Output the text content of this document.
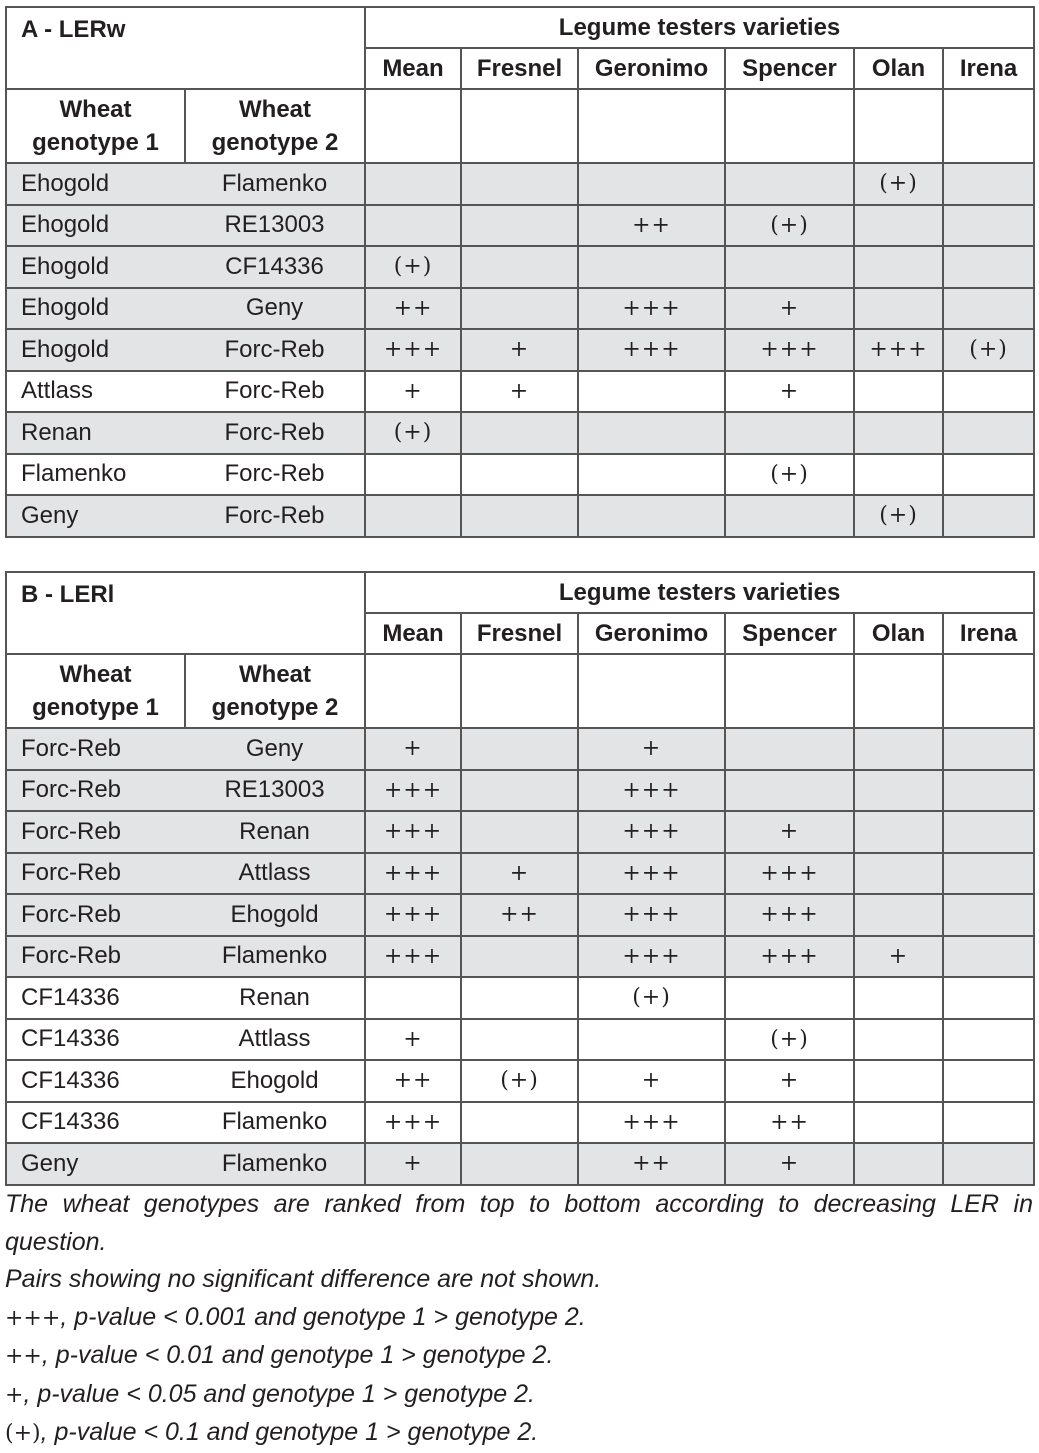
A - LERw		Legume testers varieties					
		Mean	Fresnel	Geronimo	Spencer	Olan	Irena
Wheat genotype 1	Wheat genotype 2						
Ehogold	Flamenko					(+)	
Ehogold	RE13003			++	(+)		
Ehogold	CF14336	(+)					
Ehogold	Geny	++		+++	+		
Ehogold	Forc-Reb	+++	+	+++	+++	+++	(+)
Attlass	Forc-Reb	+	+		+		
Renan	Forc-Reb	(+)					
Flamenko	Forc-Reb				(+)		
Geny	Forc-Reb					(+)	
B - LERl		Legume testers varieties					
		Mean	Fresnel	Geronimo	Spencer	Olan	Irena
Wheat genotype 1	Wheat genotype 2						
Forc-Reb	Geny	+		+			
Forc-Reb	RE13003	+++		+++			
Forc-Reb	Renan	+++		+++	+		
Forc-Reb	Attlass	+++	+	+++	+++		
Forc-Reb	Ehogold	+++	++	+++	+++		
Forc-Reb	Flamenko	+++		+++	+++	+	
CF14336	Renan			(+)			
CF14336	Attlass	+			(+)		
CF14336	Ehogold	++	(+)	+	+		
CF14336	Flamenko	+++		+++	++		
Geny	Flamenko	+		++	+		

The wheat genotypes are ranked from top to bottom according to decreasing LER in question.

Pairs showing no significant difference are not shown.

+++, p-value < 0.001 and genotype 1 > genotype 2.

++, p-value < 0.01 and genotype 1 > genotype 2.

+, p-value < 0.05 and genotype 1 > genotype 2.

(+), p-value < 0.1 and genotype 1 > genotype 2.
